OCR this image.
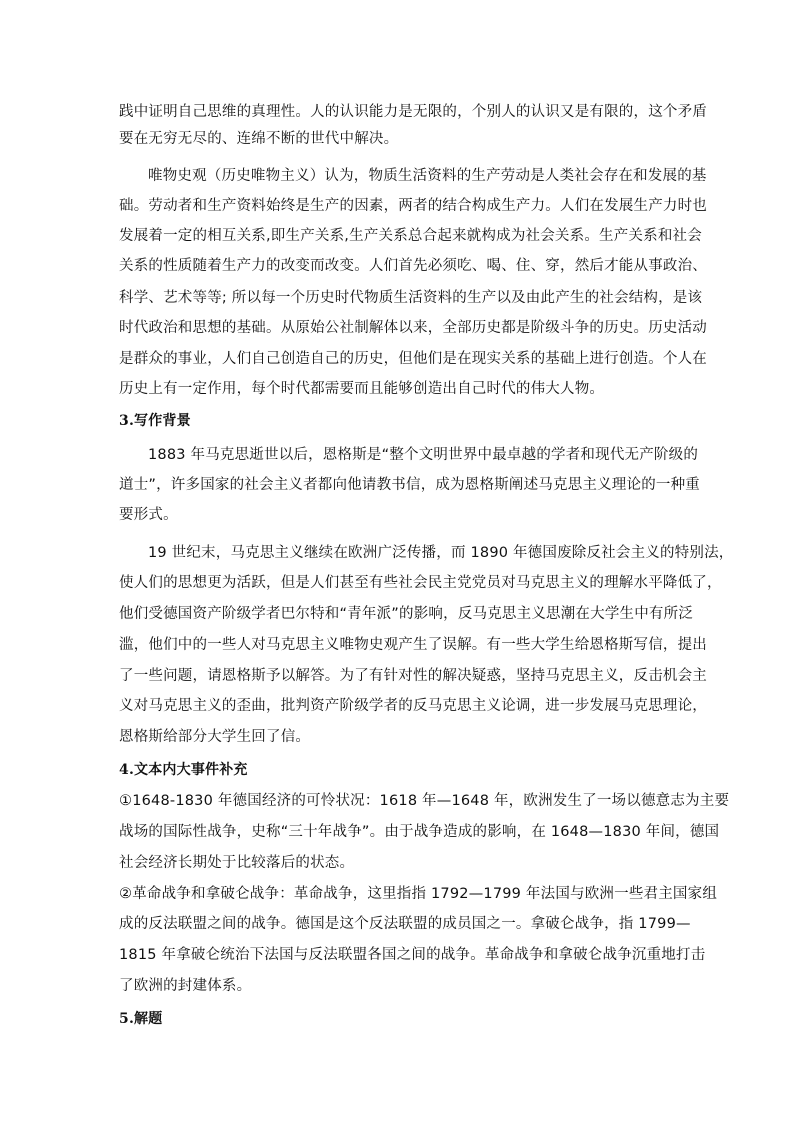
践中证明自己思维的真理性。人的认识能力是无限的，个别人的认识又是有限的，这个矛盾
要在无穷无尽的、连绵不断的世代中解决。
唯物史观（历史唯物主义）认为，物质生活资料的生产劳动是人类社会存在和发展的基
础。劳动者和生产资料始终是生产的因素，两者的结合构成生产力。人们在发展生产力时也
发展着一定的相互关系,即生产关系,生产关系总合起来就构成为社会关系。生产关系和社会
关系的性质随着生产力的改变而改变。人们首先必须吃、喝、住、穿，然后才能从事政治、
科学、艺术等等; 所以每一个历史时代物质生活资料的生产以及由此产生的社会结构，是该
时代政治和思想的基础。从原始公社制解体以来，全部历史都是阶级斗争的历史。历史活动
是群众的事业，人们自己创造自己的历史，但他们是在现实关系的基础上进行创造。个人在
历史上有一定作用，每个时代都需要而且能够创造出自己时代的伟大人物。
3.写作背景
1883 年马克思逝世以后，恩格斯是“整个文明世界中最卓越的学者和现代无产阶级的
道士”，许多国家的社会主义者都向他请教书信，成为恩格斯阐述马克思主义理论的一种重
要形式。
19 世纪末，马克思主义继续在欧洲广泛传播，而 1890 年德国废除反社会主义的特别法，
使人们的思想更为活跃，但是人们甚至有些社会民主党党员对马克思主义的理解水平降低了，
他们受德国资产阶级学者巴尔特和“青年派”的影响，反马克思主义思潮在大学生中有所泛
滥，他们中的一些人对马克思主义唯物史观产生了误解。有一些大学生给恩格斯写信，提出
了一些问题，请恩格斯予以解答。为了有针对性的解决疑惑，坚持马克思主义，反击机会主
义对马克思主义的歪曲，批判资产阶级学者的反马克思主义论调，进一步发展马克思理论，
恩格斯给部分大学生回了信。
4.文本内大事件补充
①1648-1830 年德国经济的可怜状况：1618 年—1648 年，欧洲发生了一场以德意志为主要
战场的国际性战争，史称“三十年战争”。由于战争造成的影响，在 1648—1830 年间，德国
社会经济长期处于比较落后的状态。
②革命战争和拿破仑战争：革命战争，这里指指 1792—1799 年法国与欧洲一些君主国家组
成的反法联盟之间的战争。德国是这个反法联盟的成员国之一。拿破仑战争，指 1799—
1815 年拿破仑统治下法国与反法联盟各国之间的战争。革命战争和拿破仑战争沉重地打击
了欧洲的封建体系。
5.解题
